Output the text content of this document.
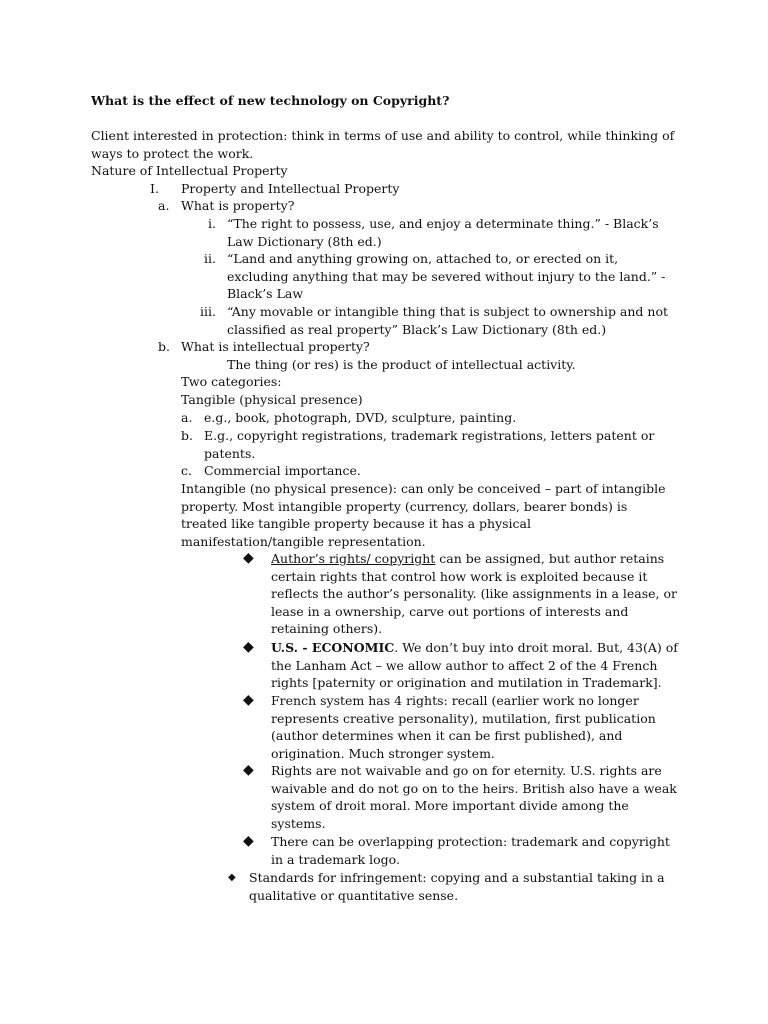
What is the effect of new technology on Copyright?

Client interested in protection: think in terms of use and ability to control, while thinking of ways to protect the work.

Nature of Intellectual Property

I.	Property and Intellectual Property

a. What is property?

i. “The right to possess, use, and enjoy a determinate thing.” - Black’s Law Dictionary (8th ed.)

ii. “Land and anything growing on, attached to, or erected on it, excluding anything that may be severed without injury to the land.” - Black’s Law

iii. “Any movable or intangible thing that is subject to ownership and not classified as real property” Black’s Law Dictionary (8th ed.)

b. What is intellectual property?

The thing (or res) is the product of intellectual activity.

Two categories:

Tangible (physical presence)

a. e.g., book, photograph, DVD, sculpture, painting.

b. E.g., copyright registrations, trademark registrations, letters patent or patents.

c. Commercial importance.

Intangible (no physical presence): can only be conceived – part of intangible property. Most intangible property (currency, dollars, bearer bonds) is treated like tangible property because it has a physical manifestation/tangible representation.

◆ Author’s rights/ copyright can be assigned, but author retains certain rights that control how work is exploited because it reflects the author’s personality. (like assignments in a lease, or lease in a ownership, carve out portions of interests and retaining others).

◆ U.S. - ECONOMIC. We don’t buy into droit moral. But, 43(A) of the Lanham Act – we allow author to affect 2 of the 4 French rights [paternity or origination and mutilation in Trademark].

◆ French system has 4 rights: recall (earlier work no longer represents creative personality), mutilation, first publication (author determines when it can be first published), and origination. Much stronger system.

◆ Rights are not waivable and go on for eternity. U.S. rights are waivable and do not go on to the heirs. British also have a weak system of droit moral. More important divide among the systems.

◆ There can be overlapping protection: trademark and copyright in a trademark logo.

◆ Standards for infringement: copying and a substantial taking in a qualitative or quantitative sense.
